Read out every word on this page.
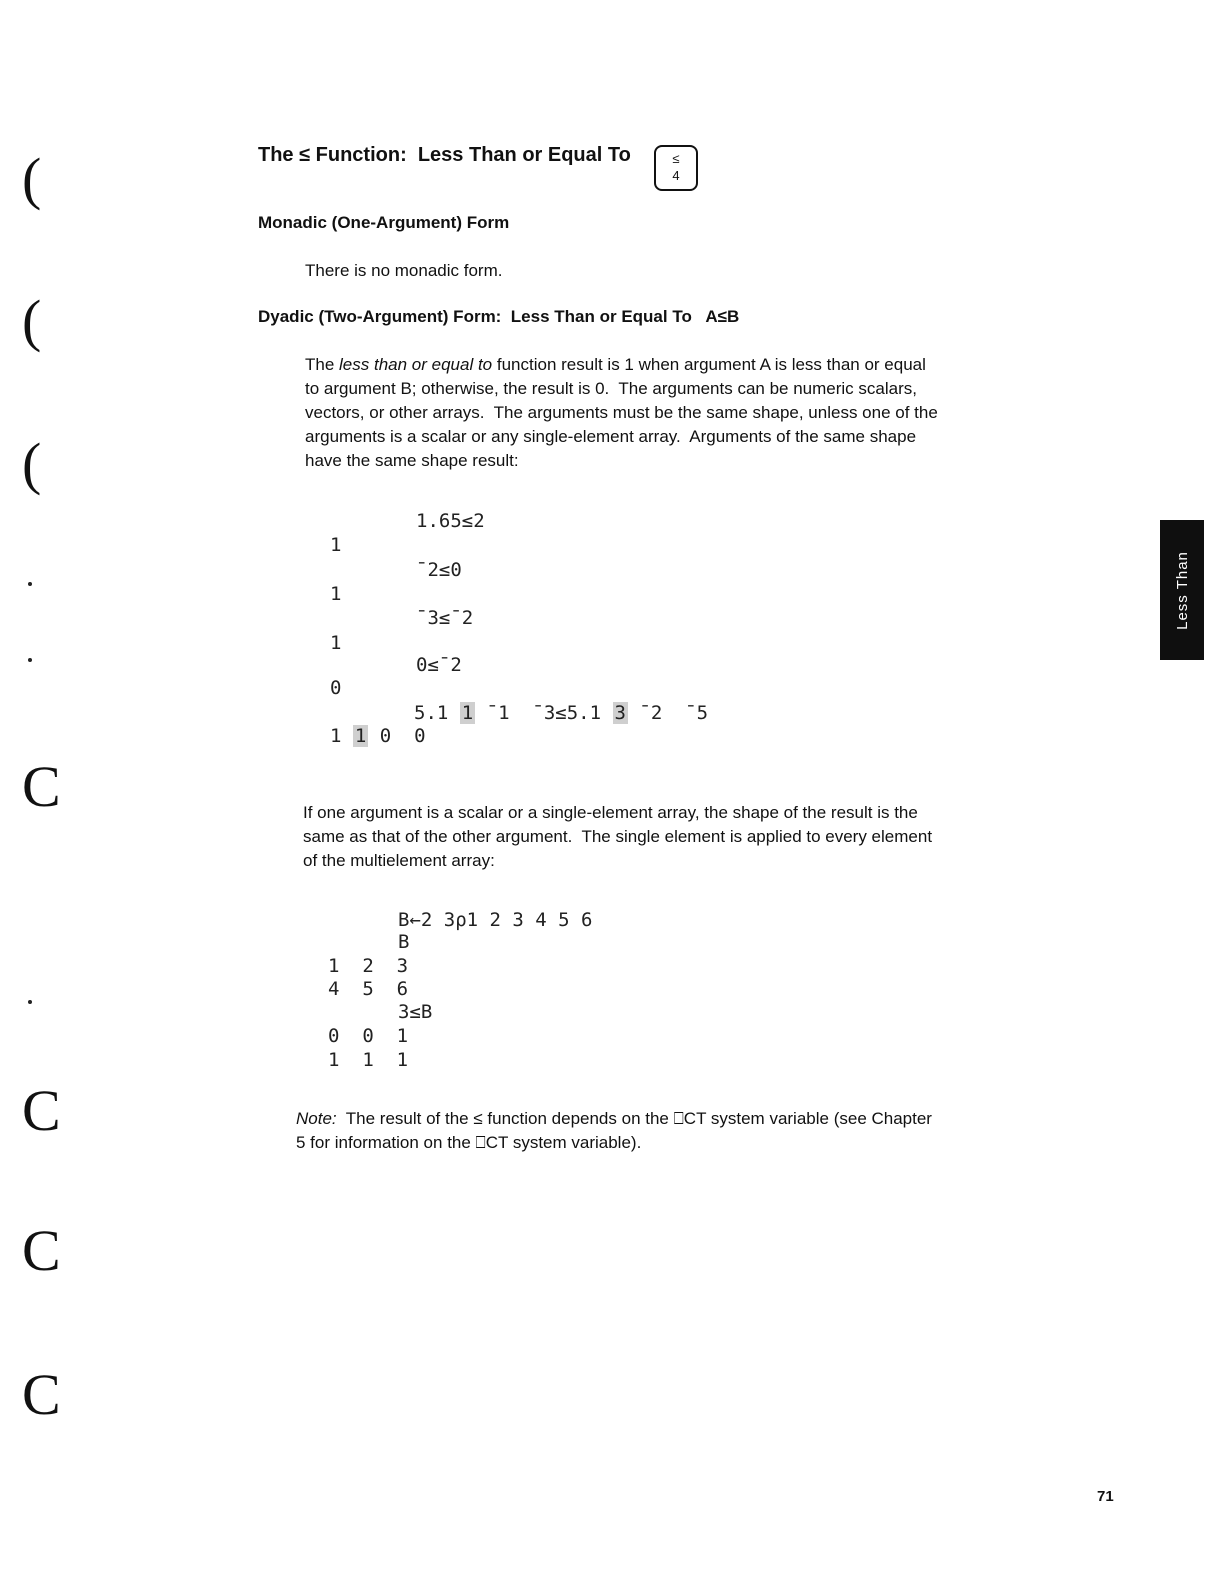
(
(
(
C
C
C
C
The ≤ Function:  Less Than or Equal To	≤
4
Monadic (One-Argument) Form

There is no monadic form.

Dyadic (Two-Argument) Form:  Less Than or Equal To   A≤B

The less than or equal to function result is 1 when argument A is less than or equal

to argument B; otherwise, the result is 0.  The arguments can be numeric scalars,

vectors, or other arrays.  The arguments must be the same shape, unless one of the

arguments is a scalar or any single-element array.  Arguments of the same shape

have the same shape result:

1.65≤2
1
¯2≤0
1
¯3≤¯2
1
0≤¯2
0
5.1 1 ¯1  ¯3≤5.1 3 ¯2  ¯5
1 1 0  0

If one argument is a scalar or a single-element array, the shape of the result is the

same as that of the other argument.  The single element is applied to every element

of the multielement array:

B←2 3⍴1 2 3 4 5 6
B
1  2  3
4  5  6
3≤B
0  0  1
1  1  1

Note:  The result of the ≤ function depends on the ⎕CT system variable (see Chapter

5 for information on the ⎕CT system variable).

Less Than
71
